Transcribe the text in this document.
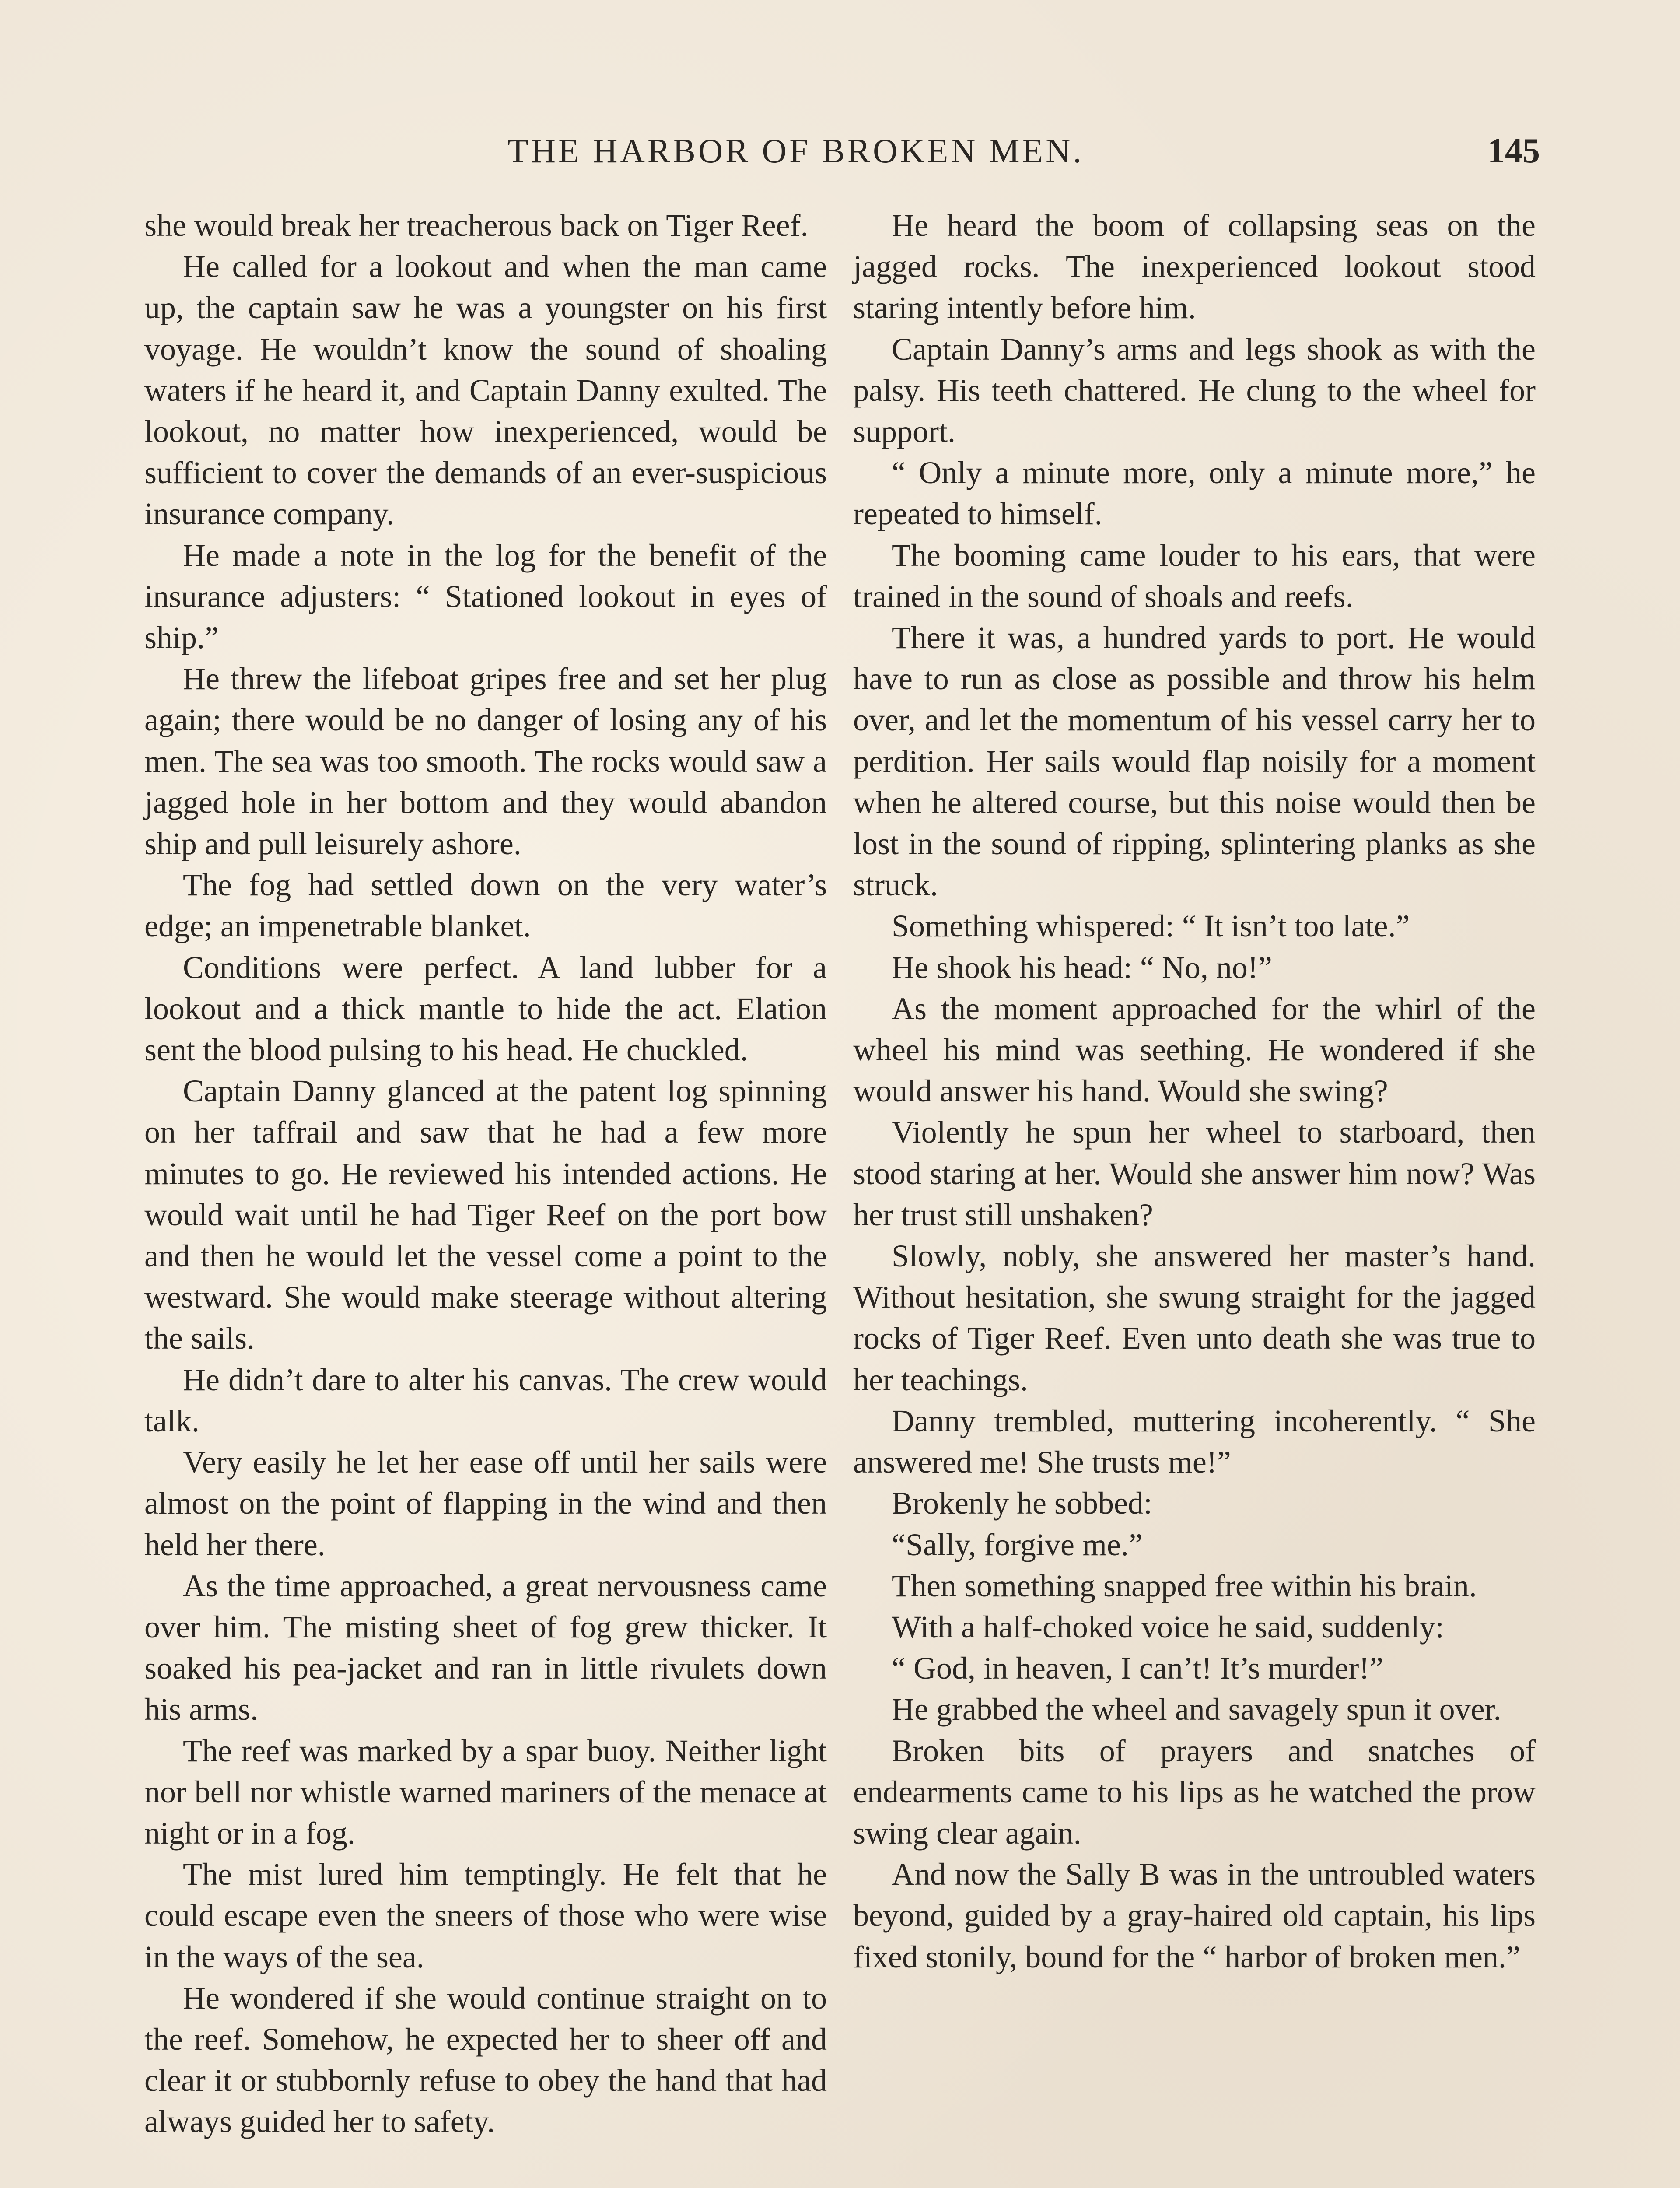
THE HARBOR OF BROKEN MEN.	145

she would break her treacherous back on Tiger Reef.

He called for a lookout and when the man came up, the captain saw he was a youngster on his first voyage. He wouldn’t know the sound of shoaling waters if he heard it, and Captain Danny exulted. The lookout, no matter how inexperienced, would be sufficient to cover the demands of an ever-suspicious insurance company.

He made a note in the log for the benefit of the insurance adjusters: “ Stationed lookout in eyes of ship.”

He threw the lifeboat gripes free and set her plug again; there would be no danger of losing any of his men. The sea was too smooth. The rocks would saw a jagged hole in her bottom and they would abandon ship and pull leisurely ashore.

The fog had settled down on the very water’s edge; an impenetrable blanket.

Conditions were perfect. A land lubber for a lookout and a thick mantle to hide the act. Elation sent the blood pulsing to his head. He chuckled.

Captain Danny glanced at the patent log spinning on her taffrail and saw that he had a few more minutes to go. He reviewed his intended actions. He would wait until he had Tiger Reef on the port bow and then he would let the vessel come a point to the westward. She would make steerage without altering the sails.

He didn’t dare to alter his canvas. The crew would talk.

Very easily he let her ease off until her sails were almost on the point of flapping in the wind and then held her there.

As the time approached, a great nervousness came over him. The misting sheet of fog grew thicker. It soaked his pea-jacket and ran in little rivulets down his arms.

The reef was marked by a spar buoy. Neither light nor bell nor whistle warned mariners of the menace at night or in a fog.

The mist lured him temptingly. He felt that he could escape even the sneers of those who were wise in the ways of the sea.

He wondered if she would continue straight on to the reef. Somehow, he expected her to sheer off and clear it or stubbornly refuse to obey the hand that had always guided her to safety.

He heard the boom of collapsing seas on the jagged rocks. The inexperienced lookout stood staring intently before him.

Captain Danny’s arms and legs shook as with the palsy. His teeth chattered. He clung to the wheel for support.

“ Only a minute more, only a minute more,” he repeated to himself.

The booming came louder to his ears, that were trained in the sound of shoals and reefs.

There it was, a hundred yards to port. He would have to run as close as possible and throw his helm over, and let the momentum of his vessel carry her to perdition. Her sails would flap noisily for a moment when he altered course, but this noise would then be lost in the sound of ripping, splintering planks as she struck.

Something whispered: “ It isn’t too late.”

He shook his head: “ No, no!”

As the moment approached for the whirl of the wheel his mind was seething. He wondered if she would answer his hand. Would she swing?

Violently he spun her wheel to starboard, then stood staring at her. Would she answer him now? Was her trust still unshaken?

Slowly, nobly, she answered her master’s hand. Without hesitation, she swung straight for the jagged rocks of Tiger Reef. Even unto death she was true to her teachings.

Danny trembled, muttering incoherently. “ She answered me! She trusts me!”

Brokenly he sobbed:

“Sally, forgive me.”

Then something snapped free within his brain.

With a half-choked voice he said, suddenly:

“ God, in heaven, I can’t! It’s murder!”

He grabbed the wheel and savagely spun it over.

Broken bits of prayers and snatches of endearments came to his lips as he watched the prow swing clear again.

And now the Sally B was in the untroubled waters beyond, guided by a gray-haired old captain, his lips fixed stonily, bound for the “ harbor of broken men.”
